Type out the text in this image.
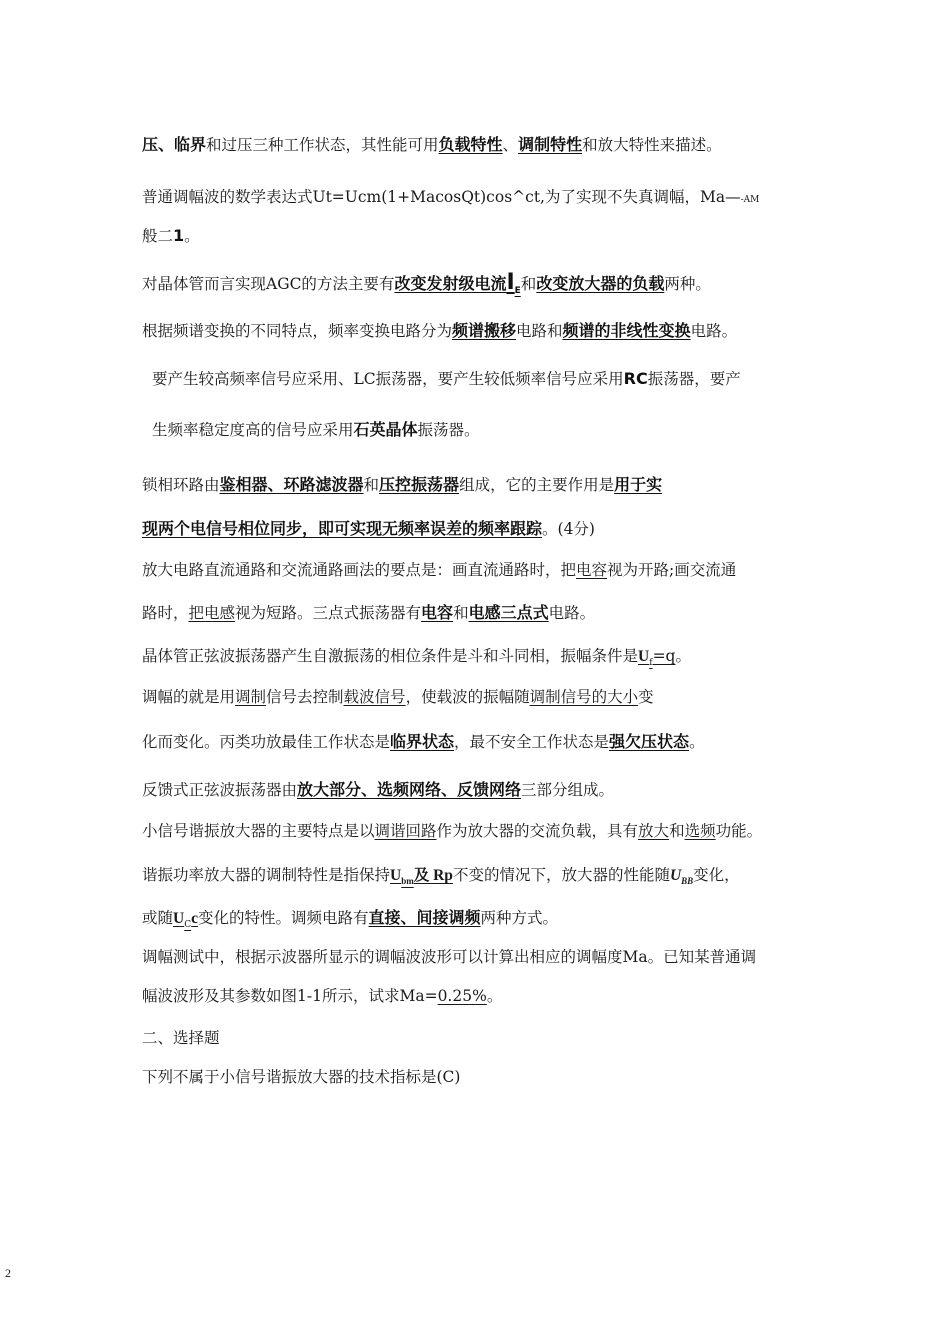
压、临界和过压三种工作状态，其性能可用负载特性、调制特性和放大特性来描述。
普通调幅波的数学表达式Ut=Ucm(1+MacosQt)cos^ct,为了实现不失真调幅，Ma—-AM
般二1。
对晶体管而言实现AGC的方法主要有改变发射级电流$I_E$和改变放大器的负载两种。
根据频谱变换的不同特点，频率变换电路分为频谱搬移电路和频谱的非线性变换电路。
要产生较高频率信号应采用、LC振荡器，要产生较低频率信号应采用RC振荡器，要产
生频率稳定度高的信号应采用石英晶体振荡器。
锁相环路由鉴相器、环路滤波器和压控振荡器组成，它的主要作用是用于实
现两个电信号相位同步，即可实现无频率误差的频率跟踪。(4分)
放大电路直流通路和交流通路画法的要点是：画直流通路时，把电容视为开路;画交流通
路时，把电感视为短路。三点式振荡器有电容和电感三点式电路。
晶体管正弦波振荡器产生自激振荡的相位条件是斗和斗同相，振幅条件是$U_f=q$。
调幅的就是用调制信号去控制载波信号，使载波的振幅随调制信号的大小变
化而变化。丙类功放最佳工作状态是临界状态，最不安全工作状态是强欠压状态。
反馈式正弦波振荡器由放大部分、选频网络、反馈网络三部分组成。
小信号谐振放大器的主要特点是以调谐回路作为放大器的交流负载，具有放大和选频功能。
谐振功率放大器的调制特性是指保持$U_{bm}$及 Rp不变的情况下，放大器的性能随$U_{BB}$变化，
或随$U_Cc$变化的特性。调频电路有直接、间接调频两种方式。
调幅测试中，根据示波器所显示的调幅波波形可以计算出相应的调幅度Ma。已知某普通调
幅波波形及其参数如图1-1所示，试求Ma=0.25%。
二、选择题
下列不属于小信号谐振放大器的技术指标是(C)
2
